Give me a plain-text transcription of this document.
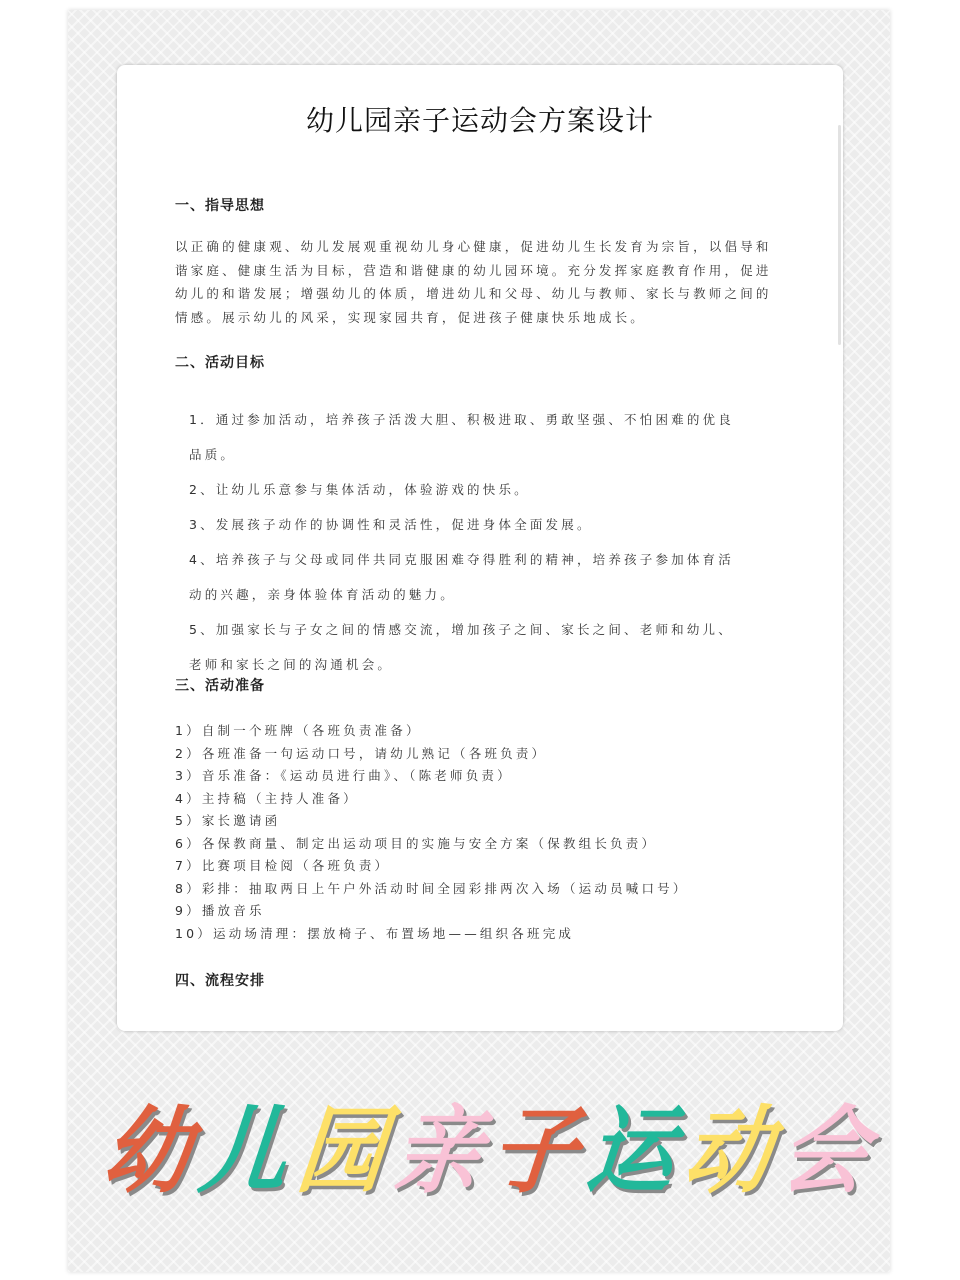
幼儿园亲子运动会方案设计
一、指导思想
以正确的健康观、幼儿发展观重视幼儿身心健康，促进幼儿生长发育为宗旨，以倡导和谐家庭、健康生活为目标，营造和谐健康的幼儿园环境。充分发挥家庭教育作用，促进幼儿的和谐发展；增强幼儿的体质，增进幼儿和父母、幼儿与教师、家长与教师之间的情感。展示幼儿的风采，实现家园共育，促进孩子健康快乐地成长。
二、活动目标
1．通过参加活动，培养孩子活泼大胆、积极进取、勇敢坚强、不怕困难的优良
品质。
2、让幼儿乐意参与集体活动，体验游戏的快乐。
3、发展孩子动作的协调性和灵活性，促进身体全面发展。
4、培养孩子与父母或同伴共同克服困难夺得胜利的精神，培养孩子参加体育活
动的兴趣，亲身体验体育活动的魅力。
5、加强家长与子女之间的情感交流，增加孩子之间、家长之间、老师和幼儿、
老师和家长之间的沟通机会。
三、活动准备
1）自制一个班牌（各班负责准备）
2）各班准备一句运动口号，请幼儿熟记（各班负责）
3）音乐准备：《运动员进行曲》、（陈老师负责）
4）主持稿（主持人准备）
5）家长邀请函
6）各保教商量、制定出运动项目的实施与安全方案（保教组长负责）
7）比赛项目检阅（各班负责）
8）彩排：抽取两日上午户外活动时间全园彩排两次入场（运动员喊口号）
9）播放音乐
10）运动场清理：摆放椅子、布置场地——组织各班完成
四、流程安排
幼 儿 园 亲 子 运 动 会
